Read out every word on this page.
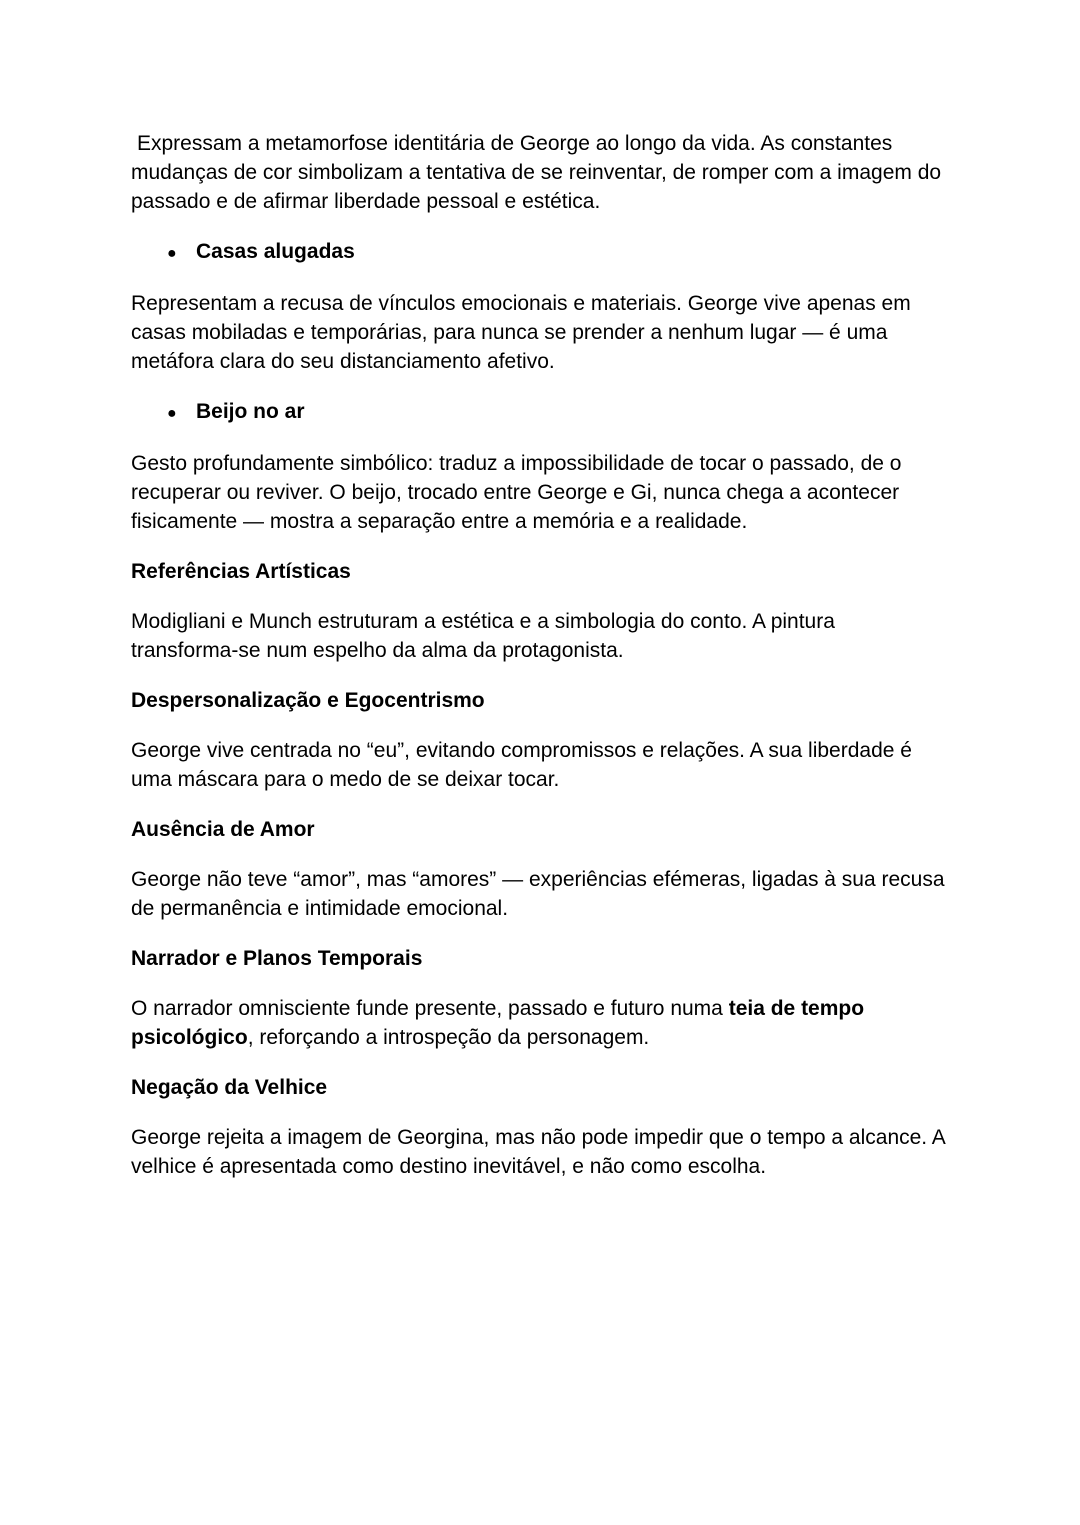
Expressam a metamorfose identitária de George ao longo da vida. As constantes mudanças de cor simbolizam a tentativa de se reinventar, de romper com a imagem do passado e de afirmar liberdade pessoal e estética.

● Casas alugadas

Representam a recusa de vínculos emocionais e materiais. George vive apenas em casas mobiladas e temporárias, para nunca se prender a nenhum lugar — é uma metáfora clara do seu distanciamento afetivo.

● Beijo no ar

Gesto profundamente simbólico: traduz a impossibilidade de tocar o passado, de o recuperar ou reviver. O beijo, trocado entre George e Gi, nunca chega a acontecer fisicamente — mostra a separação entre a memória e a realidade.

Referências Artísticas

Modigliani e Munch estruturam a estética e a simbologia do conto. A pintura transforma-se num espelho da alma da protagonista.

Despersonalização e Egocentrismo

George vive centrada no “eu”, evitando compromissos e relações. A sua liberdade é uma máscara para o medo de se deixar tocar.

Ausência de Amor

George não teve “amor”, mas “amores” — experiências efémeras, ligadas à sua recusa de permanência e intimidade emocional.

Narrador e Planos Temporais

O narrador omnisciente funde presente, passado e futuro numa teia de tempo psicológico, reforçando a introspeção da personagem.

Negação da Velhice

George rejeita a imagem de Georgina, mas não pode impedir que o tempo a alcance. A velhice é apresentada como destino inevitável, e não como escolha.
